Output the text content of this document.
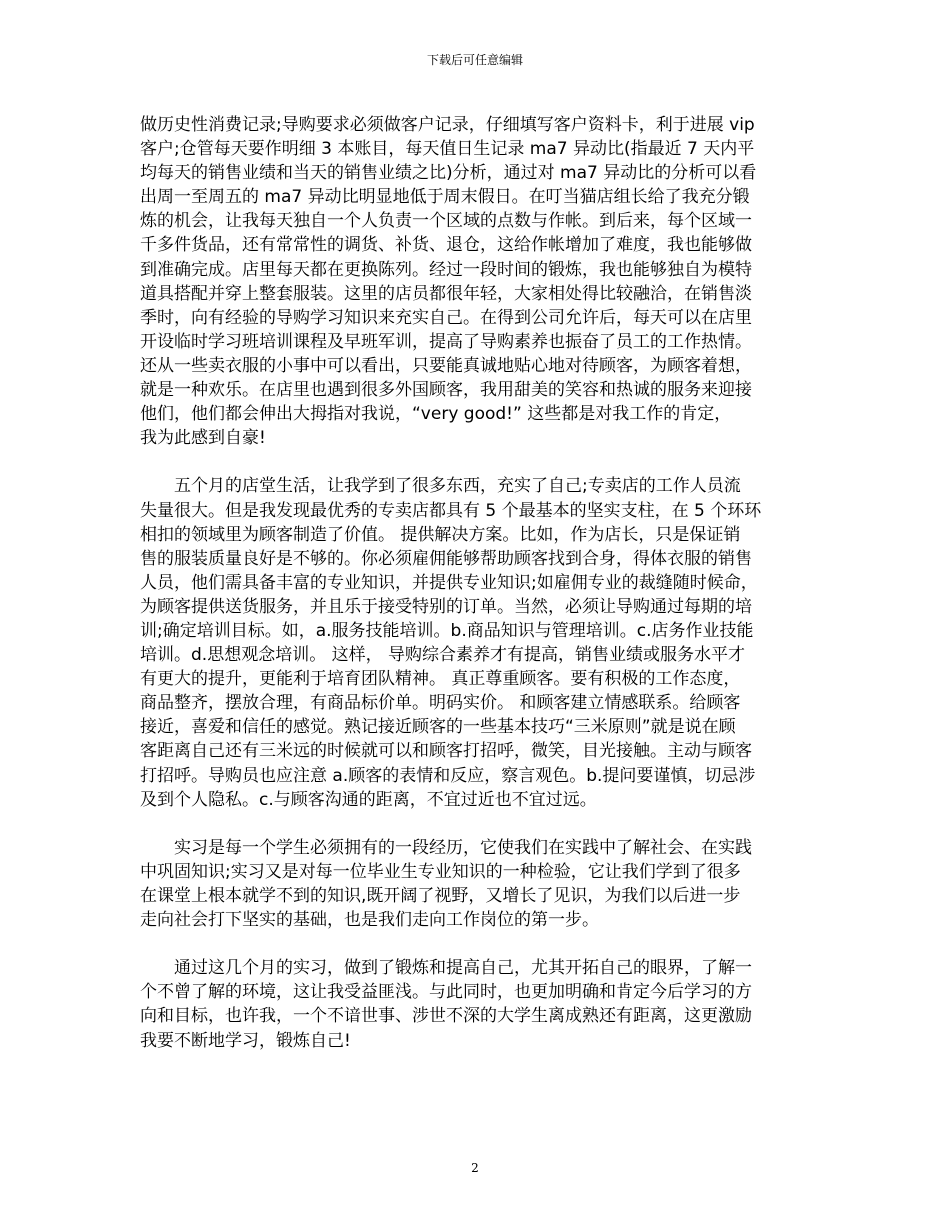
下载后可任意编辑

做历史性消费记录;导购要求必须做客户记录，仔细填写客户资料卡，利于进展 vip
客户;仓管每天要作明细 3 本账目，每天值日生记录 ma7 异动比(指最近 7 天内平
均每天的销售业绩和当天的销售业绩之比)分析，通过对 ma7 异动比的分析可以看
出周一至周五的 ma7 异动比明显地低于周末假日。在叮当猫店组长给了我充分锻
炼的机会，让我每天独自一个人负责一个区域的点数与作帐。到后来，每个区域一
千多件货品，还有常常性的调货、补货、退仓，这给作帐增加了难度，我也能够做
到准确完成。店里每天都在更换陈列。经过一段时间的锻炼，我也能够独自为模特
道具搭配并穿上整套服装。这里的店员都很年轻，大家相处得比较融洽，在销售淡
季时，向有经验的导购学习知识来充实自己。在得到公司允许后，每天可以在店里
开设临时学习班培训课程及早班军训，提高了导购素养也振奋了员工的工作热情。
还从一些卖衣服的小事中可以看出，只要能真诚地贴心地对待顾客，为顾客着想，
就是一种欢乐。在店里也遇到很多外国顾客，我用甜美的笑容和热诚的服务来迎接
他们，他们都会伸出大拇指对我说，“very good!” 这些都是对我工作的肯定，
我为此感到自豪!

　　五个月的店堂生活，让我学到了很多东西，充实了自己;专卖店的工作人员流
失量很大。但是我发现最优秀的专卖店都具有 5 个最基本的坚实支柱，在 5 个环环
相扣的领域里为顾客制造了价值。 提供解决方案。比如，作为店长，只是保证销
售的服装质量良好是不够的。你必须雇佣能够帮助顾客找到合身，得体衣服的销售
人员，他们需具备丰富的专业知识，并提供专业知识;如雇佣专业的裁缝随时候命，
为顾客提供送货服务，并且乐于接受特别的订单。当然，必须让导购通过每期的培
训;确定培训目标。如，a.服务技能培训。b.商品知识与管理培训。c.店务作业技能
培训。d.思想观念培训。 这样， 导购综合素养才有提高，销售业绩或服务水平才
有更大的提升，更能利于培育团队精神。 真正尊重顾客。要有积极的工作态度，
商品整齐，摆放合理，有商品标价单。明码实价。 和顾客建立情感联系。给顾客
接近，喜爱和信任的感觉。熟记接近顾客的一些基本技巧“三米原则”就是说在顾
客距离自己还有三米远的时候就可以和顾客打招呼，微笑，目光接触。主动与顾客
打招呼。导购员也应注意 a.顾客的表情和反应，察言观色。b.提问要谨慎，切忌涉
及到个人隐私。c.与顾客沟通的距离，不宜过近也不宜过远。

　　实习是每一个学生必须拥有的一段经历，它使我们在实践中了解社会、在实践
中巩固知识;实习又是对每一位毕业生专业知识的一种检验，它让我们学到了很多
在课堂上根本就学不到的知识,既开阔了视野，又增长了见识，为我们以后进一步
走向社会打下坚实的基础，也是我们走向工作岗位的第一步。

　　通过这几个月的实习，做到了锻炼和提高自己，尤其开拓自己的眼界，了解一
个不曾了解的环境，这让我受益匪浅。与此同时，也更加明确和肯定今后学习的方
向和目标，也许我，一个不谙世事、涉世不深的大学生离成熟还有距离，这更激励
我要不断地学习，锻炼自己!

2
